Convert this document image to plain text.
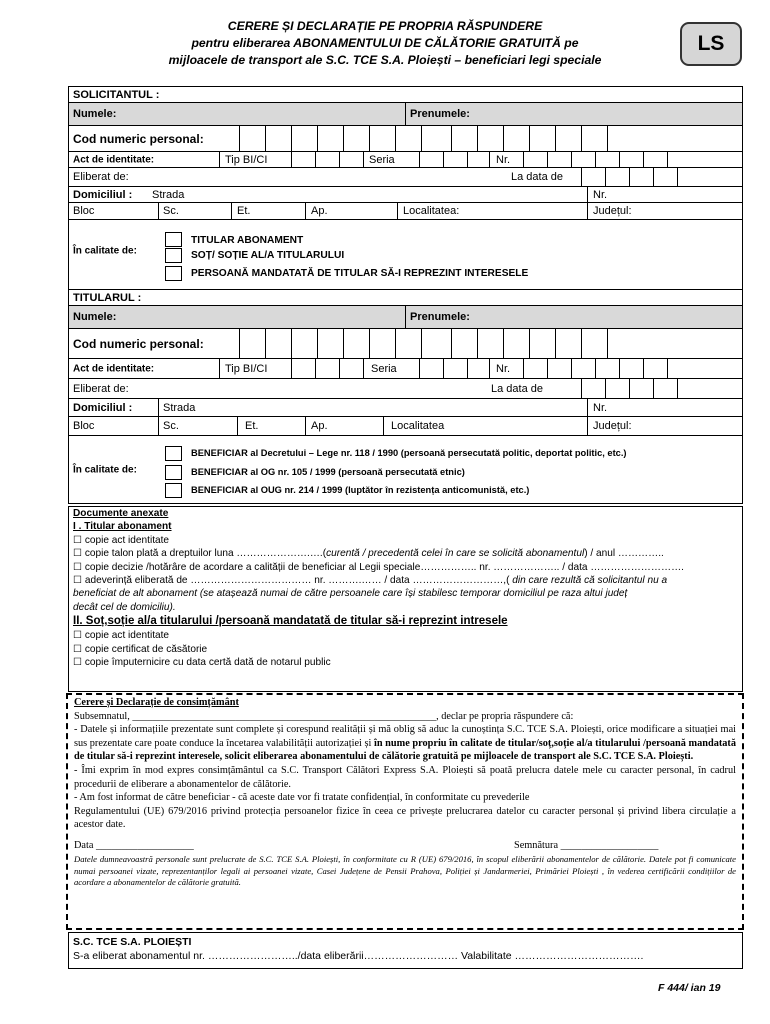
CERERE ȘI DECLARAȚIE PE PROPRIA RĂSPUNDERE
pentru eliberarea ABONAMENTULUI DE CĂLĂTORIE GRATUITĂ pe
mijloacele de transport ale S.C. TCE S.A. Ploiești – beneficiari legi speciale
LS
SOLICITANTUL :
Numele:	Prenumele:
Cod numeric personal:
Act de identitate:	Tip BI/CI	Seria	Nr.
Eliberat de:	La data de
Domiciliul : Strada	Nr.
Bloc	Sc.	Et.	Ap.	Localitatea:	Județul:
În calitate de:
TITULAR ABONAMENT
SOȚ/ SOȚIE AL/A TITULARULUI
PERSOANĂ MANDATATĂ DE TITULAR SĂ-I REPREZINT INTERESELE
TITULARUL :
Numele:	Prenumele:
Cod numeric personal:
Act de identitate:	Tip BI/CI	Seria	Nr.
Eliberat de:	La data de
Domiciliul :	Strada	Nr.
Bloc	Sc.	Et.	Ap.	Localitatea	Județul:
În calitate de:
BENEFICIAR al Decretului – Lege nr. 118 / 1990 (persoană persecutată politic, deportat politic, etc.)
BENEFICIAR al OG nr. 105 / 1999 (persoană persecutată etnic)
BENEFICIAR al OUG nr. 214 / 1999 (luptător în rezistența anticomunistă, etc.)
Documente anexate
I . Titular abonament
☐ copie act identitate
☐ copie talon plată a dreptuilor luna ………………….….(curentă / precedentă celei în care se solicită abonamentul) / anul …………..
☐ copie decizie /hotărâre de acordare a calității de beneficiar al Legii speciale…………….. nr. ……………….. / data ……………………….
☐ adeverință eliberată de ……………………………… nr. ……….…… / data ………………………,( din care rezultă că solicitantul nu a
beneficiat de alt abonament (se atașează numai de către persoanele care își stabilesc temporar domiciliul pe raza altui județ
decât cel de domiciliu).
II. Soț,soție al/a titularului /persoană mandatată de titular să-i reprezint intresele
☐ copie act identitate
☐ copie certificat de căsătorie
☐ copie împuternicire cu data certă dată de notarul public
Cerere și Declarație de consimțământ
Subsemnatul, ___________________________________________________________, declar pe propria răspundere că:
- Datele și informațiile prezentate sunt complete și corespund realității și mă oblig să aduc la cunoștința S.C. TCE S.A. Ploiești, orice modificare a situației mai sus prezentate care poate conduce la încetarea valabilității autorizației și în nume propriu în calitate de titular/soț,soție al/a titularului /persoană mandatată de titular să-i reprezint interesele, solicit eliberarea abonamentului de călătorie gratuită pe mijloacele de transport ale S.C. TCE S.A. Ploiești.
- Îmi exprim în mod expres consimțământul ca S.C. Transport Călători Express S.A. Ploiești să poată prelucra datele mele cu caracter personal, în cadrul procedurii de eliberare a abonamentelor de călătorie.
- Am fost informat de către beneficiar - că aceste date vor fi tratate confidențial, în conformitate cu prevederile
Regulamentului (UE) 679/2016 privind protecția persoanelor fizice în ceea ce privește prelucrarea datelor cu caracter personal și privind libera circulație a acestor date.
Data ___________________	Semnătura ___________________
Datele dumneavoastră personale sunt prelucrate de S.C. TCE S.A. Ploiești, în conformitate cu R (UE) 679/2016, în scopul eliberării abonamentelor de călătorie. Datele pot fi comunicate numai persoanei vizate, reprezentanților legali ai persoanei vizate, Casei Județene de Pensii Prahova, Poliției și Jandarmeriei, Primăriei Ploiești , în vederea certificării condițiilor de acordare a abonamentelor de călătorie gratuită.
S.C. TCE S.A. PLOIEȘTI
S-a eliberat abonamentul nr. ……………………../data eliberării……………………… Valabilitate ……………………………….
F 444/ ian 19
